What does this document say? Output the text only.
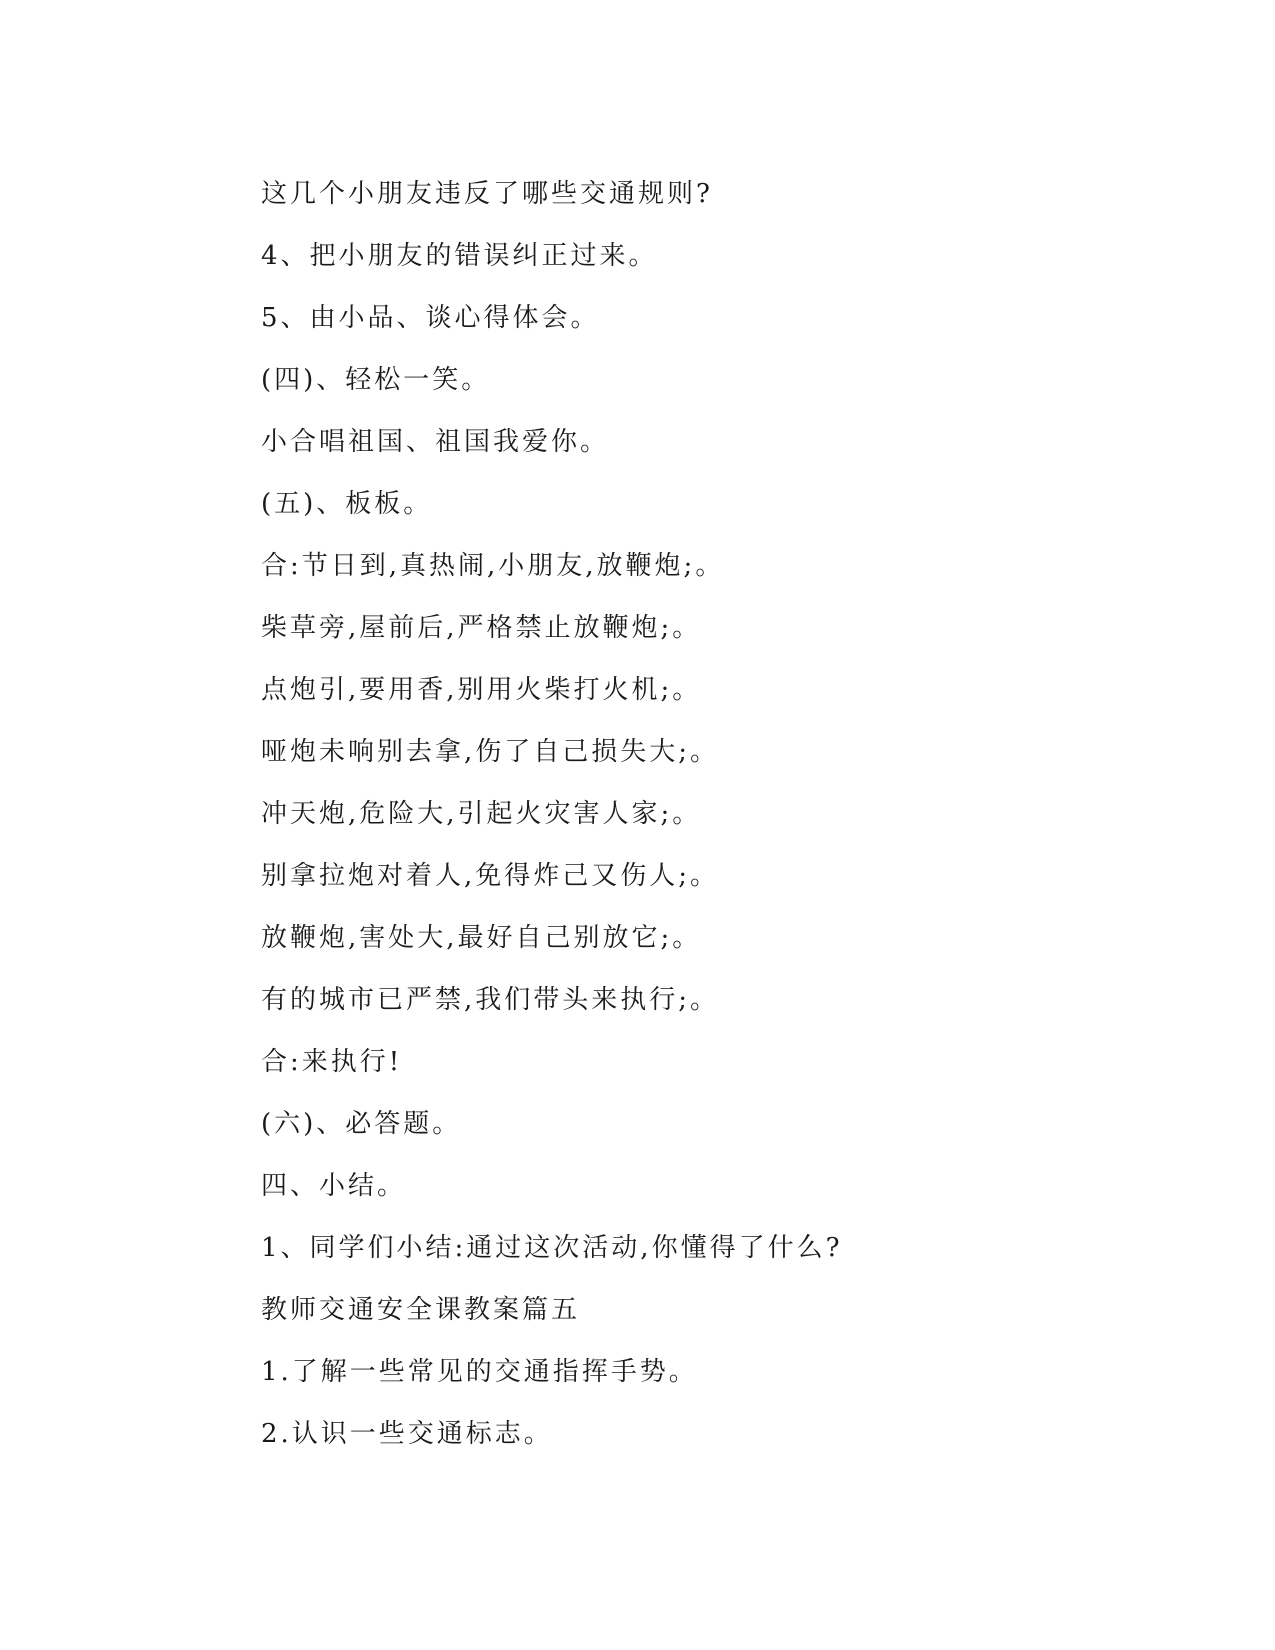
这几个小朋友违反了哪些交通规则?
4、把小朋友的错误纠正过来。
5、由小品、谈心得体会。
(四)、轻松一笑。
小合唱祖国、祖国我爱你。
(五)、板板。
合:节日到,真热闹,小朋友,放鞭炮;。
柴草旁,屋前后,严格禁止放鞭炮;。
点炮引,要用香,别用火柴打火机;。
哑炮未响别去拿,伤了自己损失大;。
冲天炮,危险大,引起火灾害人家;。
别拿拉炮对着人,免得炸己又伤人;。
放鞭炮,害处大,最好自己别放它;。
有的城市已严禁,我们带头来执行;。
合:来执行!
(六)、必答题。
四、小结。
1、同学们小结:通过这次活动,你懂得了什么?
教师交通安全课教案篇五
1.了解一些常见的交通指挥手势。
2.认识一些交通标志。
